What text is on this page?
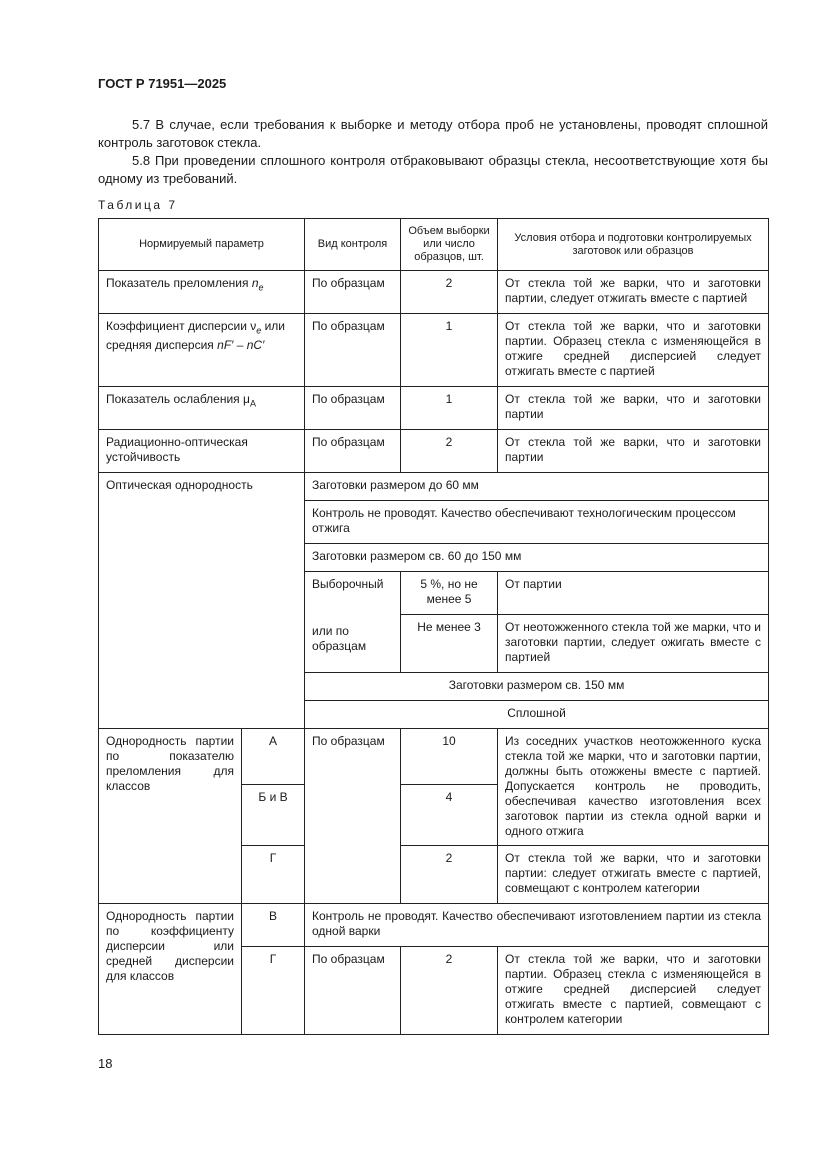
ГОСТ Р 71951—2025

5.7 В случае, если требования к выборке и методу отбора проб не установлены, проводят сплошной контроль заготовок стекла.

5.8 При проведении сплошного контроля отбраковывают образцы стекла, несоответствующие хотя бы одному из требований.

Таблица 7
Нормируемый параметр		Вид контроля	Объем выборки или число образцов, шт.	Условия отбора и подготовки контролируемых заготовок или образцов
Показатель преломления $n_e$		По образцам	2	От стекла той же варки, что и заготовки партии, следует отжигать вместе с партией
Коэффициент дисперсии $\nu_e$ или средняя дисперсия nF′ – nC′		По образцам	1	От стекла той же варки, что и заготовки партии. Образец стекла с изменяющейся в отжиге средней дисперсией следует отжигать вместе с партией
Показатель ослабления $\mu_A$		По образцам	1	От стекла той же варки, что и заготовки партии
Радиационно-оптическая устойчивость		По образцам	2	От стекла той же варки, что и заготовки партии
Оптическая однородность		Заготовки размером до 60 мм		
		Контроль не проводят. Качество обеспечивают технологическим процессом отжига		
		Заготовки размером св. 60 до 150 мм		

		Выборочный
или по образцам	5 %, но не менее 5	От партии
			Не менее 3	От неотожженного стекла той же марки, что и заготовки партии, следует ожигать вместе с партией
		Заготовки размером св. 150 мм		
		Сплошной		
Однородность партии по показателю преломления для классов	А	По образцам	10	Из соседних участков неотожженного куска стекла той же марки, что и заготовки партии, должны быть отожжены вместе с партией. Допускается контроль не проводить, обеспечивая качество изготовления всех заготовок партии из стекла одной варки и одного отжига
	Б и В		4	
	Г		2	От стекла той же варки, что и заготовки партии: следует отжигать вместе с партией, совмещают с контролем категории
Однородность партии по коэффициенту дисперсии или средней дисперсии для классов	В	Контроль не проводят. Качество обеспечивают изготовлением партии из стекла одной варки		
	Г	По образцам	2	От стекла той же варки, что и заготовки партии. Образец стекла с изменяющейся в отжиге средней дисперсией следует отжигать вместе с партией, совмещают с контролем категории
18
